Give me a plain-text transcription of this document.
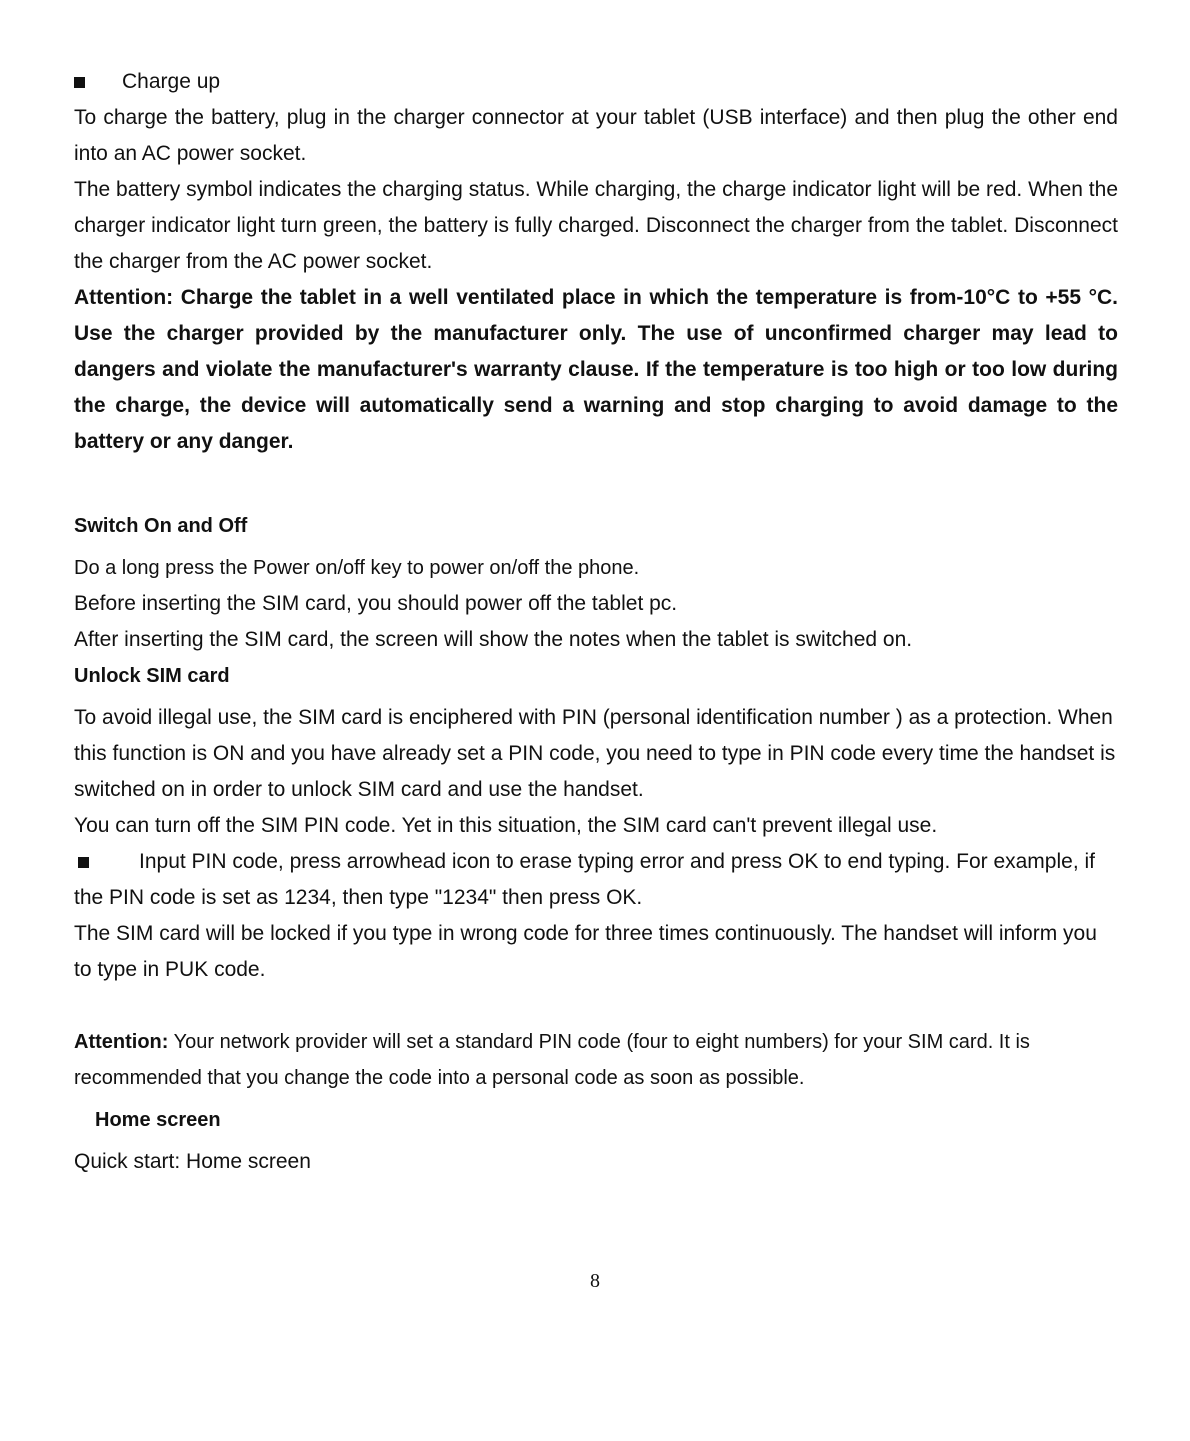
Charge up

To charge the battery, plug in the charger connector at your tablet (USB interface) and then plug the other end into an AC power socket.

The battery symbol indicates the charging status. While charging, the charge indicator light will be red. When the charger indicator light turn green, the battery is fully charged. Disconnect the charger from the tablet. Disconnect the charger from the AC power socket.

Attention: Charge the tablet in a well ventilated place in which the temperature is from-10°C to +55 °C. Use the charger provided by the manufacturer only. The use of unconfirmed charger may lead to dangers and violate the manufacturer's warranty clause. If the temperature is too high or too low during the charge, the device will automatically send a warning and stop charging to avoid damage to the battery or any danger.

Switch On and Off

Do a long press the Power on/off key to power on/off the phone.

Before inserting the SIM card, you should power off the tablet pc.

After inserting the SIM card, the screen will show the notes when the tablet is switched on.

Unlock SIM card

To avoid illegal use, the SIM card is enciphered with PIN (personal identification number ) as a protection. When this function is ON and you have already set a PIN code, you need to type in PIN code every time the handset is switched on in order to unlock SIM card and use the handset.

You can turn off the SIM PIN code. Yet in this situation, the SIM card can't prevent illegal use.

Input PIN code, press arrowhead icon to erase typing error and press OK to end typing. For example, if the PIN code is set as 1234, then type "1234" then press OK.

The SIM card will be locked if you type in wrong code for three times continuously. The handset will inform you to type in PUK code.

Attention: Your network provider will set a standard PIN code (four to eight numbers) for your SIM card. It is recommended that you change the code into a personal code as soon as possible.

Home screen

Quick start: Home screen

8
